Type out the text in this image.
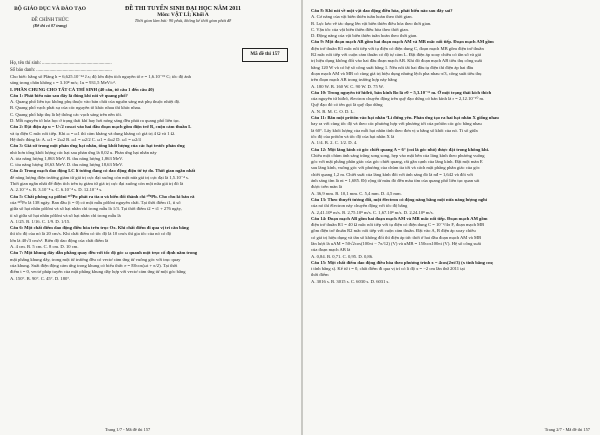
BỘ GIÁO DỤC VÀ ĐÀO TẠO
ĐỀ CHÍNH THỨC
(Đề thi có 07 trang)
ĐỀ THI TUYỂN SINH ĐẠI HỌC NĂM 2011
Môn: VẬT LÍ; Khối A
Thời gian làm bài: 90 phút, không kể thời gian phát đề
Mã đề thi 157
Họ, tên thí sinh: ..........................................................
Số báo danh: ...............................................................

Cho biết: hằng số Plăng h = 6,625.10⁻³⁴ J.s; độ lớn điện tích nguyên tố e = 1,6.10⁻¹⁹ C; tốc độ ánh

sáng trong chân không c = 3.10⁸ m/s; 1u = 931,5 MeV/c².

I. PHẦN CHUNG CHO TẤT CẢ THÍ SINH (40 câu, từ câu 1 đến câu 40)

Câu 1: Phát biểu nào sau đây là đúng khi nói về quang phổ?

A. Quang phổ liên tục không phụ thuộc vào bản chất của nguồn sáng mà phụ thuộc nhiệt độ.

B. Quang phổ vạch phát xạ của các nguyên tố khác nhau thì khác nhau.

C. Quang phổ hấp thụ là hệ thống các vạch sáng trên nền tối.

D. Mỗi nguyên tố hóa học ở trạng thái khí hay hơi nóng sáng đều phát ra quang phổ liên tục.

Câu 2: Đặt điện áp u = U√2 cosωt vào hai đầu đoạn mạch gồm điện trở R, cuộn cảm thuần L

và tụ điện C mắc nối tiếp. Khi ω = ω1 thì cảm kháng và dung kháng có giá trị 4 Ω và 1 Ω.

Hệ thức đúng là: A. ω1 = 2ω2 B. ω1 = ω2/2 C. ω1 = 4ω2 D. ω1 = ω2/4

Câu 3: Giả sử trong một phản ứng hạt nhân, tổng khối lượng của các hạt trước phản ứng

nhỏ hơn tổng khối lượng các hạt sau phản ứng là 0,02 u. Phản ứng hạt nhân này

A. tỏa năng lượng 1,863 MeV. B. thu năng lượng 1,863 MeV.

C. tỏa năng lượng 18,63 MeV. D. thu năng lượng 18,63 MeV.

Câu 4: Trong mạch dao động LC lí tưởng đang có dao động điện từ tự do. Thời gian ngắn nhất

để năng lượng điện trường giảm từ giá trị cực đại xuống còn một nửa giá trị cực đại là 1,5.10⁻⁴ s.

Thời gian ngắn nhất để điện tích trên tụ giảm từ giá trị cực đại xuống còn một nửa giá trị đó là

A. 2.10⁻⁴ s. B. 3.10⁻⁴ s. C. 6.10⁻⁴ s. D. 12.10⁻⁴ s.

Câu 5: Chất phóng xạ pôlôni ²¹⁰Po phát ra tia α và biến đổi thành chì ²⁰⁶Pb. Cho chu kì bán rã

của ²¹⁰Po là 138 ngày. Ban đầu (t = 0) có một mẫu pôlôni nguyên chất. Tại thời điểm t1, tỉ số

giữa số hạt nhân pôlôni và số hạt nhân chì trong mẫu là 1/3. Tại thời điểm t2 = t1 + 276 ngày,

tỉ số giữa số hạt nhân pôlôni và số hạt nhân chì trong mẫu là

A. 1/25. B. 1/16. C. 1/9. D. 1/15.

Câu 6: Một chất điểm dao động điều hòa trên trục Ox. Khi chất điểm đi qua vị trí cân bằng

thì tốc độ của nó là 20 cm/s. Khi chất điểm có tốc độ là 10 cm/s thì gia tốc của nó có độ

lớn là 40√3 cm/s². Biên độ dao động của chất điểm là

A. 4 cm. B. 5 cm. C. 8 cm. D. 10 cm.

Câu 7: Một khung dây dẫn phẳng quay đều với tốc độ góc ω quanh một trục cố định nằm trong

mặt phẳng khung dây, trong một từ trường đều có vectơ cảm ứng từ vuông góc với trục quay

của khung. Suất điện động cảm ứng trong khung có biểu thức e = E0cos(ωt + π/2). Tại thời

điểm t = 0, vectơ pháp tuyến của mặt phẳng khung dây hợp với vectơ cảm ứng từ một góc bằng

A. 150°. B. 90°. C. 45°. D. 180°.

Trang 1/7 - Mã đề thi 157

Câu 8: Khi nói về một vật dao động điều hòa, phát biểu nào sau đây sai?

A. Cơ năng của vật biến thiên tuần hoàn theo thời gian.

B. Lực kéo về tác dụng lên vật biến thiên điều hòa theo thời gian.

C. Vận tốc của vật biến thiên điều hòa theo thời gian.

D. Động năng của vật biến thiên tuần hoàn theo thời gian.

Câu 9: Một đoạn mạch AB gồm hai đoạn mạch AM và MB mắc nối tiếp. Đoạn mạch AM gồm

điện trở thuần R1 mắc nối tiếp với tụ điện có điện dung C, đoạn mạch MB gồm điện trở thuần

R2 mắc nối tiếp với cuộn cảm thuần có độ tự cảm L. Đặt điện áp xoay chiều có tần số và giá

trị hiệu dụng không đổi vào hai đầu đoạn mạch AB. Khi đó đoạn mạch AB tiêu thụ công suất

bằng 120 W và có hệ số công suất bằng 1. Nếu nối tắt hai đầu tụ điện thì điện áp hai đầu

đoạn mạch AM và MB có cùng giá trị hiệu dụng nhưng lệch pha nhau π/3, công suất tiêu thụ

trên đoạn mạch AB trong trường hợp này bằng

A. 180 W. B. 160 W. C. 90 W. D. 75 W.

Câu 10: Trong nguyên tử hiđrô, bán kính Bo là r0 = 5,3.10⁻¹¹ m. Ở một trạng thái kích thích

của nguyên tử hiđrô, êlectron chuyển động trên quỹ đạo dừng có bán kính là r = 2,12.10⁻¹⁰ m.

Quỹ đạo đó có tên gọi là quỹ đạo dừng

A. N. B. M. C. O. D. L.

Câu 11: Bắn một prôtôn vào hạt nhân ⁷Li đứng yên. Phản ứng tạo ra hai hạt nhân X giống nhau

bay ra với cùng tốc độ và theo các phương hợp với phương tới của prôtôn các góc bằng nhau

là 60°. Lấy khối lượng của mỗi hạt nhân tính theo đơn vị u bằng số khối của nó. Tỉ số giữa

tốc độ của prôtôn và tốc độ của hạt nhân X là

A. 1/4. B. 2. C. 1/2. D. 4.

Câu 12: Một lăng kính có góc chiết quang A = 6° (coi là góc nhỏ) được đặt trong không khí.

Chiếu một chùm ánh sáng trắng song song, hẹp vào mặt bên của lăng kính theo phương vuông

góc với mặt phẳng phân giác của góc chiết quang, rất gần cạnh của lăng kính. Đặt một màn E

sau lăng kính, vuông góc với phương của chùm tia tới và cách mặt phẳng phân giác của góc

chiết quang 1,2 m. Chiết suất của lăng kính đối với ánh sáng đỏ là nđ = 1,642 và đối với

ánh sáng tím là nt = 1,685. Độ rộng từ màu đỏ đến màu tím của quang phổ liên tục quan sát

được trên màn là

A. 36,9 mm. B. 10,1 mm. C. 5,4 mm. D. 4,5 mm.

Câu 13: Theo thuyết tương đối, một êlectron có động năng bằng một nửa năng lượng nghỉ

của nó thì êlectron này chuyển động với tốc độ bằng

A. 2,41.10⁸ m/s. B. 2,75.10⁸ m/s. C. 1,67.10⁸ m/s. D. 2,24.10⁸ m/s.

Câu 14: Đoạn mạch AB gồm hai đoạn mạch AM và MB mắc nối tiếp. Đoạn mạch AM gồm

điện trở thuần R1 = 40 Ω mắc nối tiếp với tụ điện có điện dung C = 10⁻³/4π F, đoạn mạch MB

gồm điện trở thuần R2 mắc nối tiếp với cuộn cảm thuần. Đặt vào A, B điện áp xoay chiều

có giá trị hiệu dụng và tần số không đổi thì điện áp tức thời ở hai đầu đoạn mạch AM và MB

lần lượt là uAM = 50√2cos(100πt − 7π/12) (V) và uMB = 150cos100πt (V). Hệ số công suất

của đoạn mạch AB là

A. 0,84. B. 0,71. C. 0,95. D. 0,86.

Câu 15: Một chất điểm dao động điều hòa theo phương trình x = 4cos(2πt/3) (x tính bằng cm;

t tính bằng s). Kể từ t = 0, chất điểm đi qua vị trí có li độ x = −2 cm lần thứ 2011 tại

thời điểm

A. 3016 s. B. 3015 s. C. 6030 s. D. 6031 s.

Trang 2/7 - Mã đề thi 157
